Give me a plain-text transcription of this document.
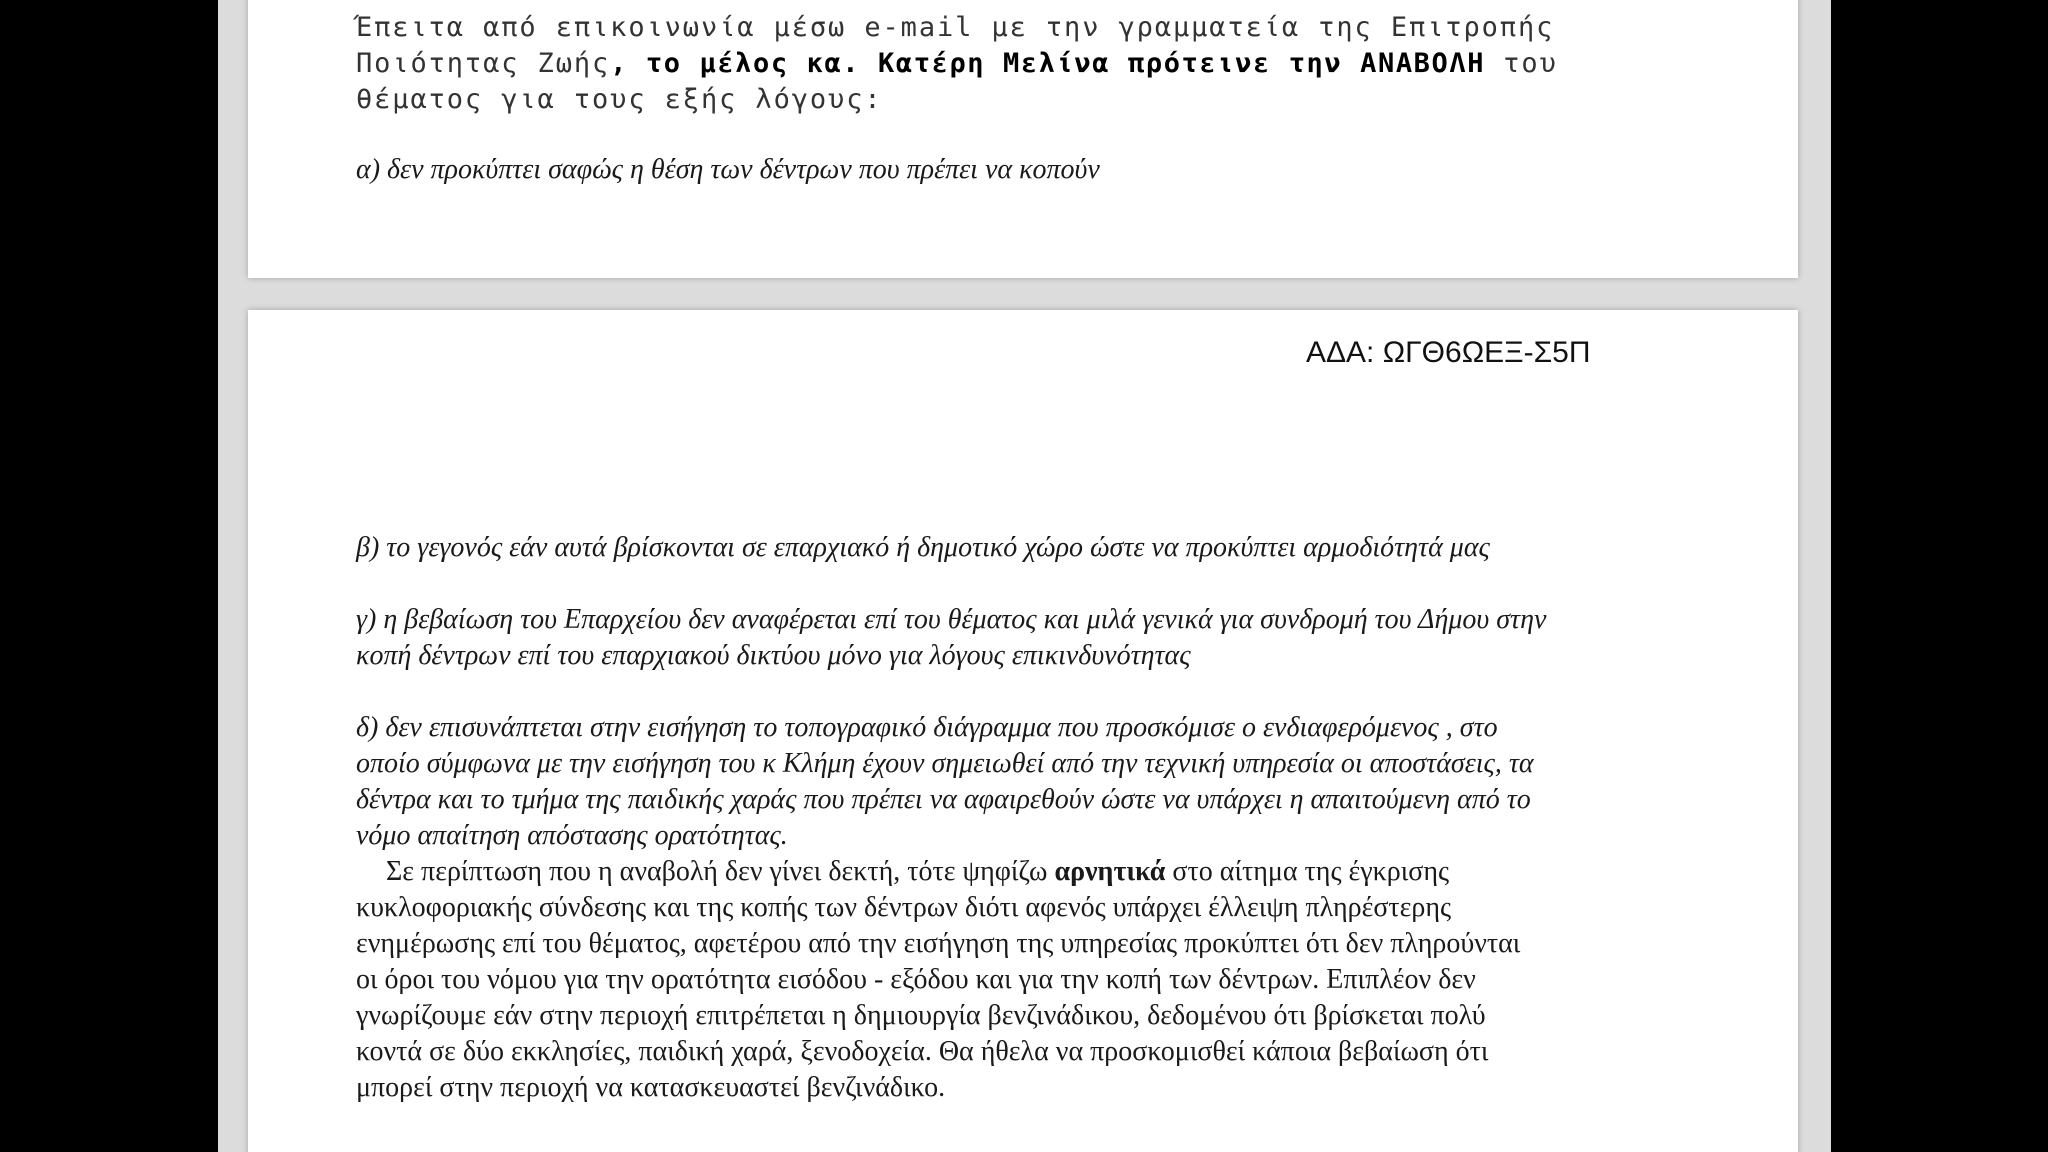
Έπειτα από επικοινωνία μέσω e-mail με την γραμματεία της Επιτροπής

Ποιότητας Ζωής, το μέλος κα. Κατέρη Μελίνα πρότεινε την ΑΝΑΒΟΛΗ του

θέματος για τους εξής λόγους:

α) δεν προκύπτει σαφώς η θέση των δέντρων που πρέπει να κοπούν

ΑΔΑ: ΩΓΘ6ΩΕΞ-Σ5Π

β) το γεγονός εάν αυτά βρίσκονται σε επαρχιακό ή δημοτικό χώρο ώστε να προκύπτει αρμοδιότητά μας

γ) η βεβαίωση του Επαρχείου δεν αναφέρεται επί του θέματος και μιλά γενικά για συνδρομή του Δήμου στην
κοπή δέντρων επί του επαρχιακού δικτύου μόνο για λόγους επικινδυνότητας

δ) δεν επισυνάπτεται στην εισήγηση το τοπογραφικό διάγραμμα που προσκόμισε ο ενδιαφερόμενος , στο
οποίο σύμφωνα με την εισήγηση του κ Κλήμη έχουν σημειωθεί από την τεχνική υπηρεσία οι αποστάσεις, τα
δέντρα και το τμήμα της παιδικής χαράς που πρέπει να αφαιρεθούν ώστε να υπάρχει η απαιτούμενη από το
νόμο απαίτηση απόστασης ορατότητας.

Σε περίπτωση που η αναβολή δεν γίνει δεκτή, τότε ψηφίζω αρνητικά στο αίτημα της έγκρισης
κυκλοφοριακής σύνδεσης και της κοπής των δέντρων διότι αφενός υπάρχει έλλειψη πληρέστερης
ενημέρωσης επί του θέματος, αφετέρου από την εισήγηση της υπηρεσίας προκύπτει ότι δεν πληρούνται
οι όροι του νόμου για την ορατότητα εισόδου - εξόδου και για την κοπή των δέντρων. Επιπλέον δεν
γνωρίζουμε εάν στην περιοχή επιτρέπεται η δημιουργία βενζινάδικου, δεδομένου ότι βρίσκεται πολύ
κοντά σε δύο εκκλησίες, παιδική χαρά, ξενοδοχεία. Θα ήθελα να προσκομισθεί κάποια βεβαίωση ότι
μπορεί στην περιοχή να κατασκευαστεί βενζινάδικο.
